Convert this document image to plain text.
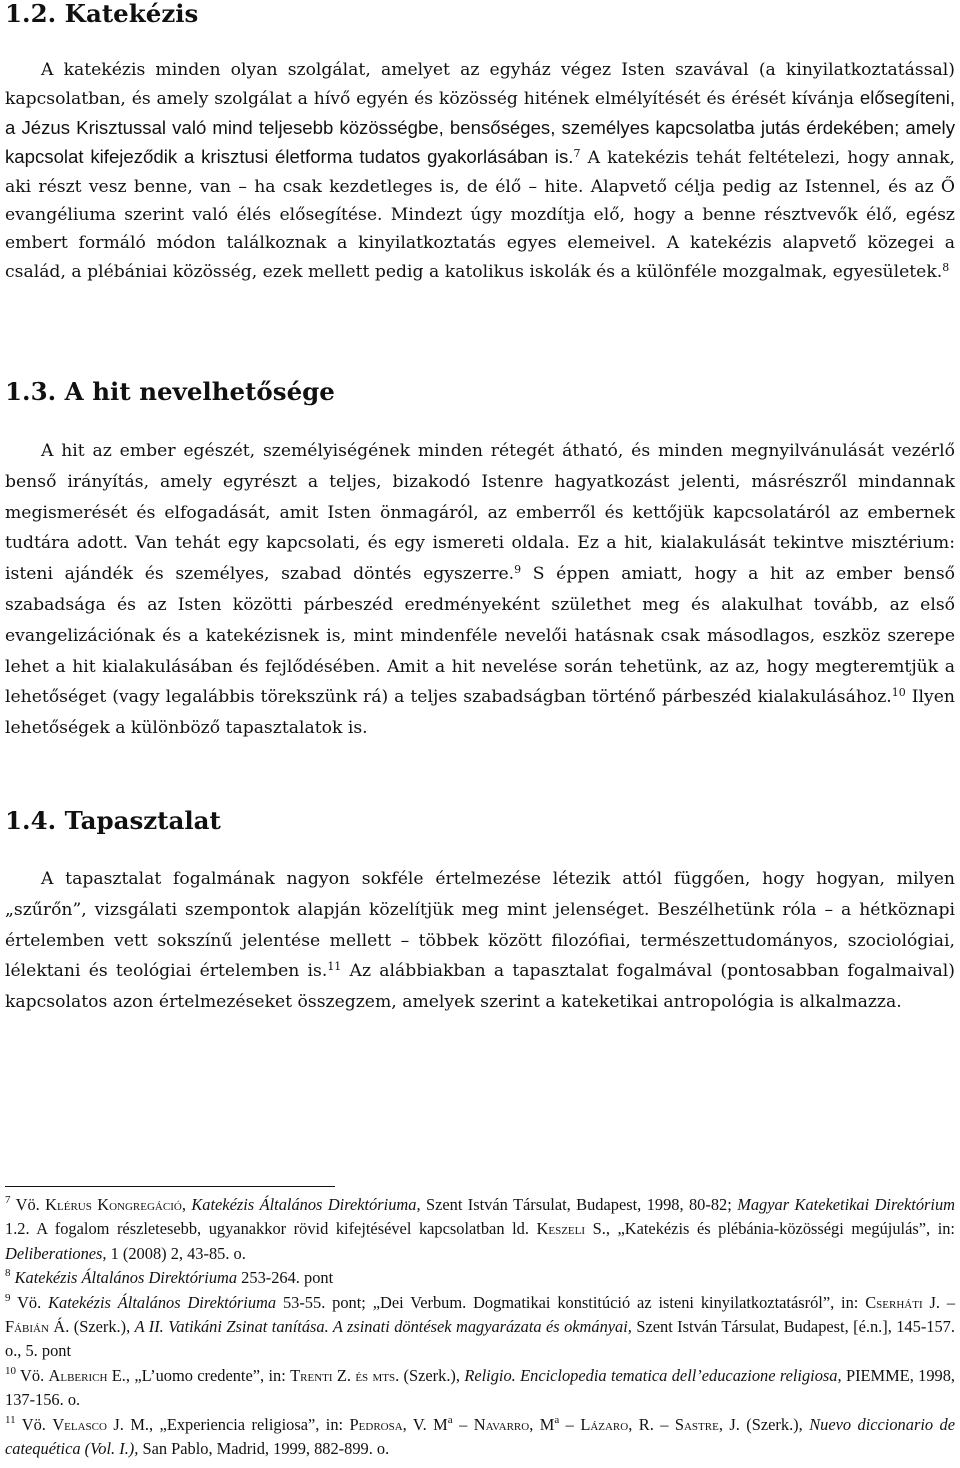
1.2. Katekézis

A katekézis minden olyan szolgálat, amelyet az egyház végez Isten szavával (a kinyilatkoztatással) kapcsolatban, és amely szolgálat a hívő egyén és közösség hitének elmélyítését és érését kívánja elősegíteni, a Jézus Krisztussal való mind teljesebb közösségbe, bensőséges, személyes kapcsolatba jutás érdekében; amely kapcsolat kifejeződik a krisztusi életforma tudatos gyakorlásában is.$^7$ A katekézis tehát feltételezi, hogy annak, aki részt vesz benne, van – ha csak kezdetleges is, de élő – hite. Alapvető célja pedig az Istennel, és az Ő evangéliuma szerint való élés elősegítése. Mindezt úgy mozdítja elő, hogy a benne résztvevők élő, egész embert formáló módon találkoznak a kinyilatkoztatás egyes elemeivel. A katekézis alapvető közegei a család, a plébániai közösség, ezek mellett pedig a katolikus iskolák és a különféle mozgalmak, egyesületek.$^8$

1.3. A hit nevelhetősége

A hit az ember egészét, személyiségének minden rétegét átható, és minden megnyilvánulását vezérlő benső irányítás, amely egyrészt a teljes, bizakodó Istenre hagyatkozást jelenti, másrészről mindannak megismerését és elfogadását, amit Isten önmagáról, az emberről és kettőjük kapcsolatáról az embernek tudtára adott. Van tehát egy kapcsolati, és egy ismereti oldala. Ez a hit, kialakulását tekintve misztérium: isteni ajándék és személyes, szabad döntés egyszerre.$^9$ S éppen amiatt, hogy a hit az ember benső szabadsága és az Isten közötti párbeszéd eredményeként születhet meg és alakulhat tovább, az első evangelizációnak és a katekézisnek is, mint mindenféle nevelői hatásnak csak másodlagos, eszköz szerepe lehet a hit kialakulásában és fejlődésében. Amit a hit nevelése során tehetünk, az az, hogy megteremtjük a lehetőséget (vagy legalábbis törekszünk rá) a teljes szabadságban történő párbeszéd kialakulásához.$^{10}$ Ilyen lehetőségek a különböző tapasztalatok is.

1.4. Tapasztalat

A tapasztalat fogalmának nagyon sokféle értelmezése létezik attól függően, hogy hogyan, milyen „szűrőn”, vizsgálati szempontok alapján közelítjük meg mint jelenséget. Beszélhetünk róla – a hétköznapi értelemben vett sokszínű jelentése mellett – többek között filozófiai, természettudományos, szociológiai, lélektani és teológiai értelemben is.$^{11}$ Az alábbiakban a tapasztalat fogalmával (pontosabban fogalmaival) kapcsolatos azon értelmezéseket összegzem, amelyek szerint a kateketikai antropológia is alkalmazza.

$^7$ Vö. Klérus Kongregáció, Katekézis Általános Direktóriuma, Szent István Társulat, Budapest, 1998, 80-82; Magyar Kateketikai Direktórium 1.2. A fogalom részletesebb, ugyanakkor rövid kifejtésével kapcsolatban ld. Keszeli S., „Katekézis és plébánia-közösségi megújulás”, in: Deliberationes, 1 (2008) 2, 43-85. o.

$^8$ Katekézis Általános Direktóriuma 253-264. pont

$^9$ Vö. Katekézis Általános Direktóriuma 53-55. pont; „Dei Verbum. Dogmatikai konstitúció az isteni kinyilatkoztatásról”, in: Cserháti J. – Fábián Á. (Szerk.), A II. Vatikáni Zsinat tanítása. A zsinati döntések magyarázata és okmányai, Szent István Társulat, Budapest, [é.n.], 145-157. o., 5. pont

$^{10}$ Vö. Alberich E., „L’uomo credente”, in: Trenti Z. és mts. (Szerk.), Religio. Enciclopedia tematica dell’educazione religiosa, PIEMME, 1998, 137-156. o.

$^{11}$ Vö. Velasco J. M., „Experiencia religiosa”, in: Pedrosa, V. $M^a$ – Navarro, $M^a$ – Lázaro, R. – Sastre, J. (Szerk.), Nuevo diccionario de catequética (Vol. I.), San Pablo, Madrid, 1999, 882-899. o.
